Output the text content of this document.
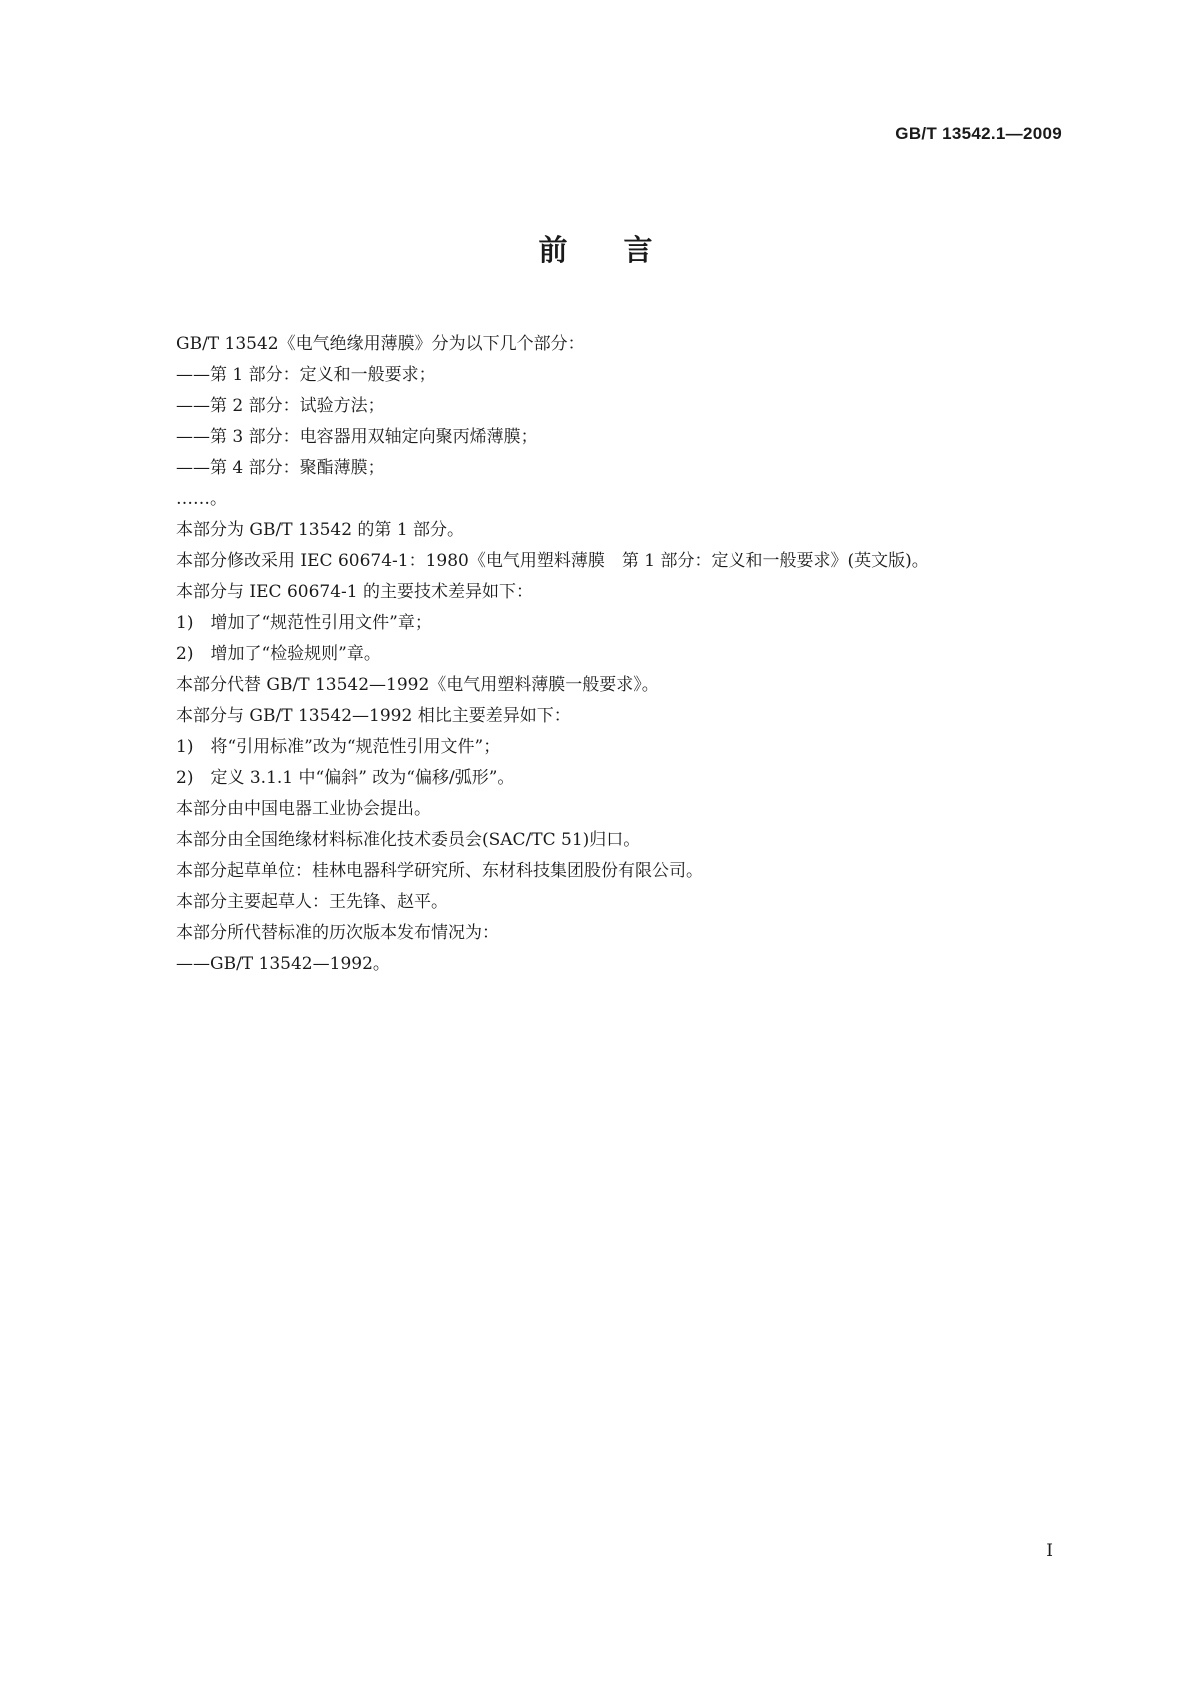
GB/T 13542.1—2009
前言
GB/T 13542《电气绝缘用薄膜》分为以下几个部分：
——第 1 部分：定义和一般要求；
——第 2 部分：试验方法；
——第 3 部分：电容器用双轴定向聚丙烯薄膜；
——第 4 部分：聚酯薄膜；
……。
本部分为 GB/T 13542 的第 1 部分。
本部分修改采用 IEC 60674-1：1980《电气用塑料薄膜　第 1 部分：定义和一般要求》(英文版)。
本部分与 IEC 60674-1 的主要技术差异如下：
1)　增加了“规范性引用文件”章；
2)　增加了“检验规则”章。
本部分代替 GB/T 13542—1992《电气用塑料薄膜一般要求》。
本部分与 GB/T 13542—1992 相比主要差异如下：
1)　将“引用标准”改为“规范性引用文件”；
2)　定义 3.1.1 中“偏斜” 改为“偏移/弧形”。
本部分由中国电器工业协会提出。
本部分由全国绝缘材料标准化技术委员会(SAC/TC 51)归口。
本部分起草单位：桂林电器科学研究所、东材科技集团股份有限公司。
本部分主要起草人：王先锋、赵平。
本部分所代替标准的历次版本发布情况为：
——GB/T 13542—1992。
I
